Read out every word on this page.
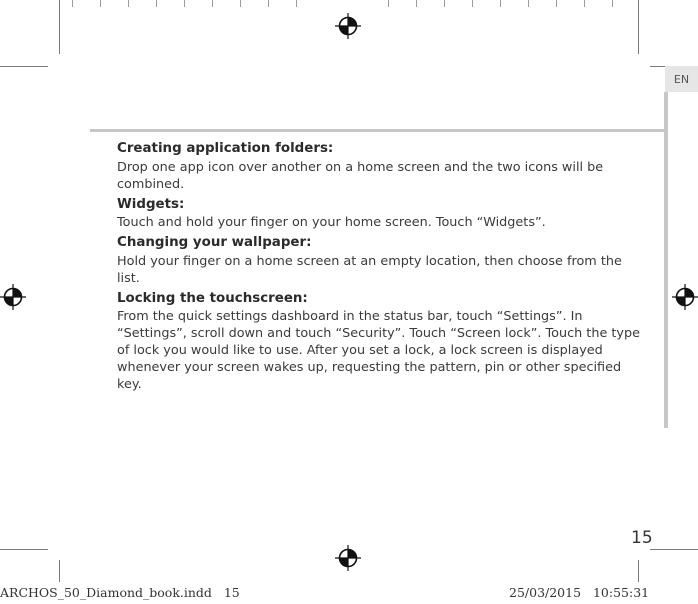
EN
Creating application folders:

Drop one app icon over another on a home screen and the two icons will be combined.

Widgets:

Touch and hold your finger on your home screen. Touch “Widgets”.

Changing your wallpaper:

Hold your finger on a home screen at an empty location, then choose from the list.

Locking the touchscreen:

From the quick settings dashboard in the status bar, touch “Settings”. In “Settings”, scroll down and touch “Security”. Touch “Screen lock”. Touch the type of lock you would like to use. After you set a lock, a lock screen is displayed whenever your screen wakes up, requesting the pattern, pin or other specified key.

15
ARCHOS_50_Diamond_book.indd   15	25/03/2015   10:55:31
